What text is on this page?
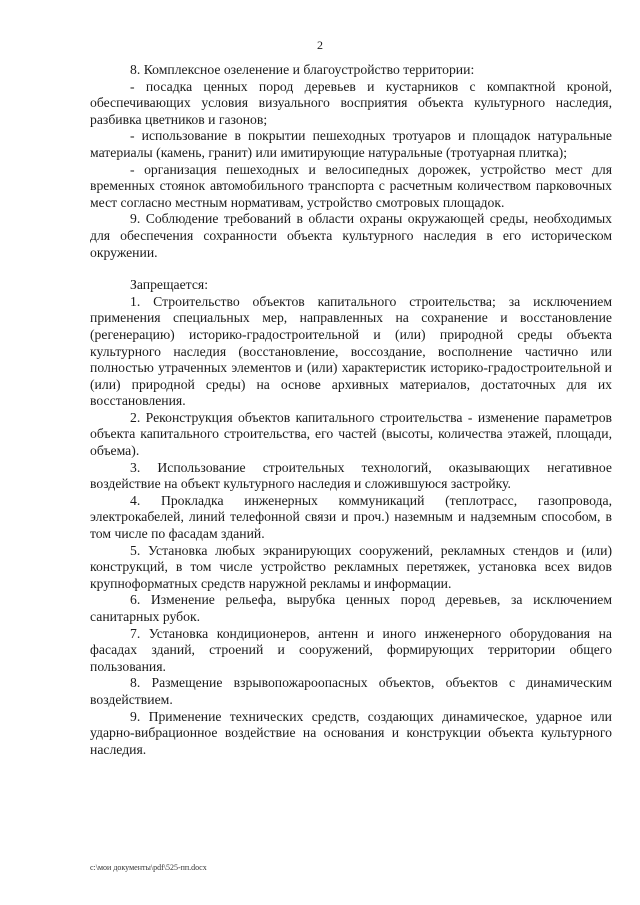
2

8. Комплексное озеленение и благоустройство территории:

- посадка ценных пород деревьев и кустарников с компактной кроной, обеспечивающих условия визуального восприятия объекта культурного наследия, разбивка цветников и газонов;

- использование в покрытии пешеходных тротуаров и площадок натуральные материалы (камень, гранит) или имитирующие натуральные (тротуарная плитка);

- организация пешеходных и велосипедных дорожек, устройство мест для временных стоянок автомобильного транспорта с расчетным количеством парковочных мест согласно местным нормативам, устройство смотровых площадок.

9. Соблюдение требований в области охраны окружающей среды, необходимых для обеспечения сохранности объекта культурного наследия в его историческом окружении.

Запрещается:

1. Строительство объектов капитального строительства; за исключением применения специальных мер, направленных на сохранение и восстановление (регенерацию) историко-градостроительной и (или) природной среды объекта культурного наследия (восстановление, воссоздание, восполнение частично или полностью утраченных элементов и (или) характеристик историко-градостроительной и (или) природной среды) на основе архивных материалов, достаточных для их восстановления.

2. Реконструкция объектов капитального строительства - изменение параметров объекта капитального строительства, его частей (высоты, количества этажей, площади, объема).

3. Использование строительных технологий, оказывающих негативное воздействие на объект культурного наследия и сложившуюся застройку.

4. Прокладка инженерных коммуникаций (теплотрасс, газопровода, электрокабелей, линий телефонной связи и проч.) наземным и надземным способом, в том числе по фасадам зданий.

5. Установка любых экранирующих сооружений, рекламных стендов и (или) конструкций, в том числе устройство рекламных перетяжек, установка всех видов крупноформатных средств наружной рекламы и информации.

6. Изменение рельефа, вырубка ценных пород деревьев, за исключением санитарных рубок.

7. Установка кондиционеров, антенн и иного инженерного оборудования на фасадах зданий, строений и сооружений, формирующих территории общего пользования.

8. Размещение взрывопожароопасных объектов, объектов с динамическим воздействием.

9. Применение технических средств, создающих динамическое, ударное или ударно-вибрационное воздействие на основания и конструкции объекта культурного наследия.

c:\мои документы\pdf\525-пп.docx
